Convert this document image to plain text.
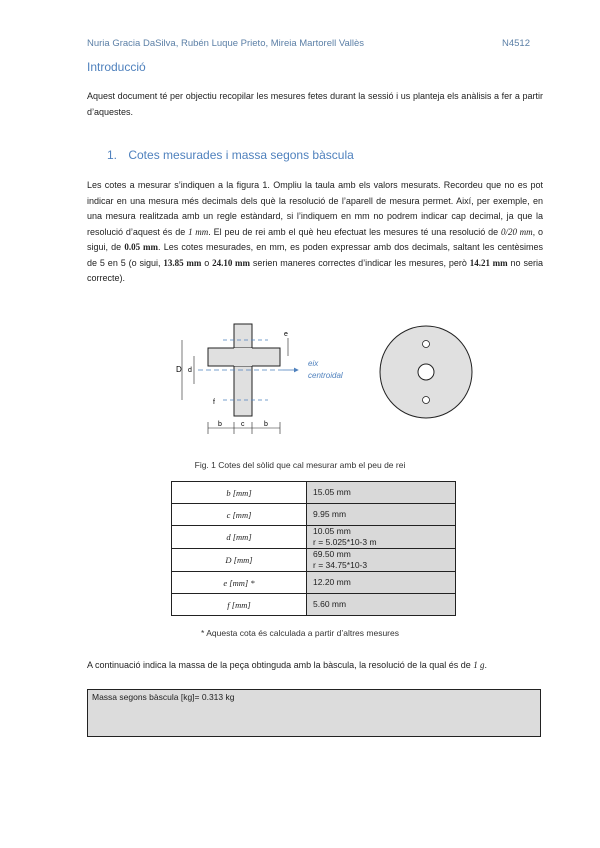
Nuria Gracia DaSilva, Rubén Luque Prieto, Mireia Martorell Vallès	N4512
Introducció
Aquest document té per objectiu recopilar les mesures fetes durant la sessió i us planteja els anàlisis a fer a partir d’aquestes.
1. Cotes mesurades i massa segons bàscula
Les cotes a mesurar s’indiquen a la figura 1. Ompliu la taula amb els valors mesurats. Recordeu que no es pot indicar en una mesura més decimals dels què la resolució de l’aparell de mesura permet. Així, per exemple, en una mesura realitzada amb un regle estàndard, si l’indiquem en mm no podrem indicar cap decimal, ja que la resolució d’aquest és de 1 mm. El peu de rei amb el què heu efectuat les mesures té una resolució de 0/20 mm, o sigui, de 0.05 mm. Les cotes mesurades, en mm, es poden expressar amb dos decimals, saltant les centèsimes de 5 en 5 (o sigui, 13.85 mm o 24.10 mm serien maneres correctes d’indicar les mesures, però 14.21 mm no seria correcte).
D d
e
f
b	c	b
eix
centroidal
Fig. 1 Cotes del sòlid que cal mesurar amb el peu de rei
b [mm]	15.05 mm

c [mm]	9.95 mm

d [mm]	10.05 mm
r = 5.025*10-3 m

D [mm]	69.50 mm
r = 34.75*10-3

e [mm] *	12.20 mm

f [mm]	5.60 mm
* Aquesta cota és calculada a partir d’altres mesures
A continuació indica la massa de la peça obtinguda amb la bàscula, la resolució de la qual és de 1 g.
Massa segons bàscula [kg]= 0.313 kg
